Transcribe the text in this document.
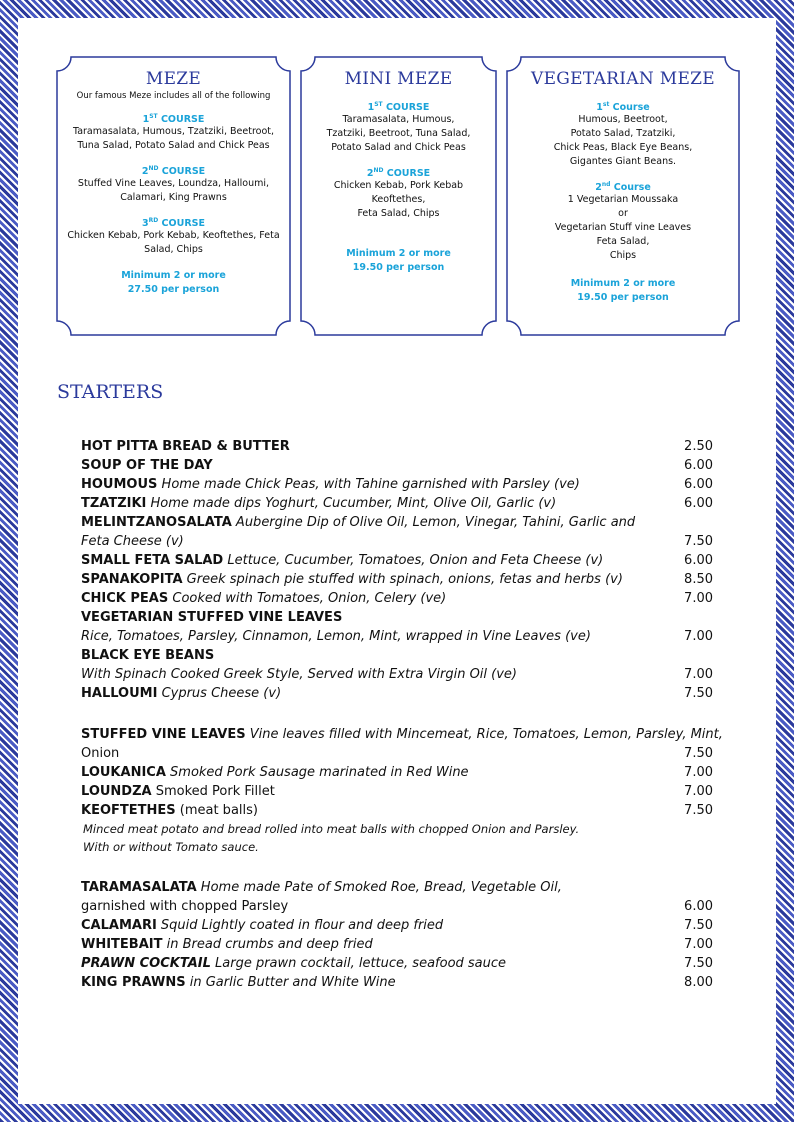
MEZE
Our famous Meze includes all of the following
1ST COURSE
Taramasalata, Humous, Tzatziki, Beetroot,
Tuna Salad, Potato Salad and Chick Peas
2ND COURSE
Stuffed Vine Leaves, Loundza, Halloumi,
Calamari, King Prawns
3RD COURSE
Chicken Kebab, Pork Kebab, Keoftethes, Feta
Salad, Chips
Minimum 2 or more
27.50 per person
MINI MEZE
1ST COURSE
Taramasalata, Humous,
Tzatziki, Beetroot, Tuna Salad,
Potato Salad and Chick Peas
2ND COURSE
Chicken Kebab, Pork Kebab
Keoftethes,
Feta Salad, Chips
Minimum 2 or more
19.50 per person
VEGETARIAN MEZE
1st Course
Humous, Beetroot,
Potato Salad, Tzatziki,
Chick Peas, Black Eye Beans,
Gigantes Giant Beans.
2nd Course
1 Vegetarian Moussaka
or
Vegetarian Stuff vine Leaves
Feta Salad,
Chips
Minimum 2 or more
19.50 per person
STARTERS
HOT PITTA BREAD & BUTTER	2.50
SOUP OF THE DAY	6.00
HOUMOUS Home made Chick Peas, with Tahine garnished with Parsley (ve)	6.00
TZATZIKI Home made dips Yoghurt, Cucumber, Mint, Olive Oil, Garlic (v)	6.00
MELINTZANOSALATA Aubergine Dip of Olive Oil, Lemon, Vinegar, Tahini, Garlic and
Feta Cheese (v)	7.50
SMALL FETA SALAD Lettuce, Cucumber, Tomatoes, Onion and Feta Cheese (v)	6.00
SPANAKOPITA Greek spinach pie stuffed with spinach, onions, fetas and herbs (v)	8.50
CHICK PEAS Cooked with Tomatoes, Onion, Celery (ve)	7.00
VEGETARIAN STUFFED VINE LEAVES
Rice, Tomatoes, Parsley, Cinnamon, Lemon, Mint, wrapped in Vine Leaves (ve)	7.00
BLACK EYE BEANS
With Spinach Cooked Greek Style, Served with Extra Virgin Oil (ve)	7.00
HALLOUMI Cyprus Cheese (v)	7.50
STUFFED VINE LEAVES Vine leaves filled with Mincemeat, Rice, Tomatoes, Lemon, Parsley, Mint,
Onion	7.50
LOUKANICA Smoked Pork Sausage marinated in Red Wine	7.00
LOUNDZA Smoked Pork Fillet	7.00
KEOFTETHES (meat balls)	7.50
Minced meat potato and bread rolled into meat balls with chopped Onion and Parsley.
With or without Tomato sauce.
TARAMASALATA Home made Pate of Smoked Roe, Bread, Vegetable Oil,
garnished with chopped Parsley	6.00
CALAMARI Squid Lightly coated in flour and deep fried	7.50
WHITEBAIT in Bread crumbs and deep fried	7.00
PRAWN COCKTAIL Large prawn cocktail, lettuce, seafood sauce	7.50
KING PRAWNS in Garlic Butter and White Wine	8.00
